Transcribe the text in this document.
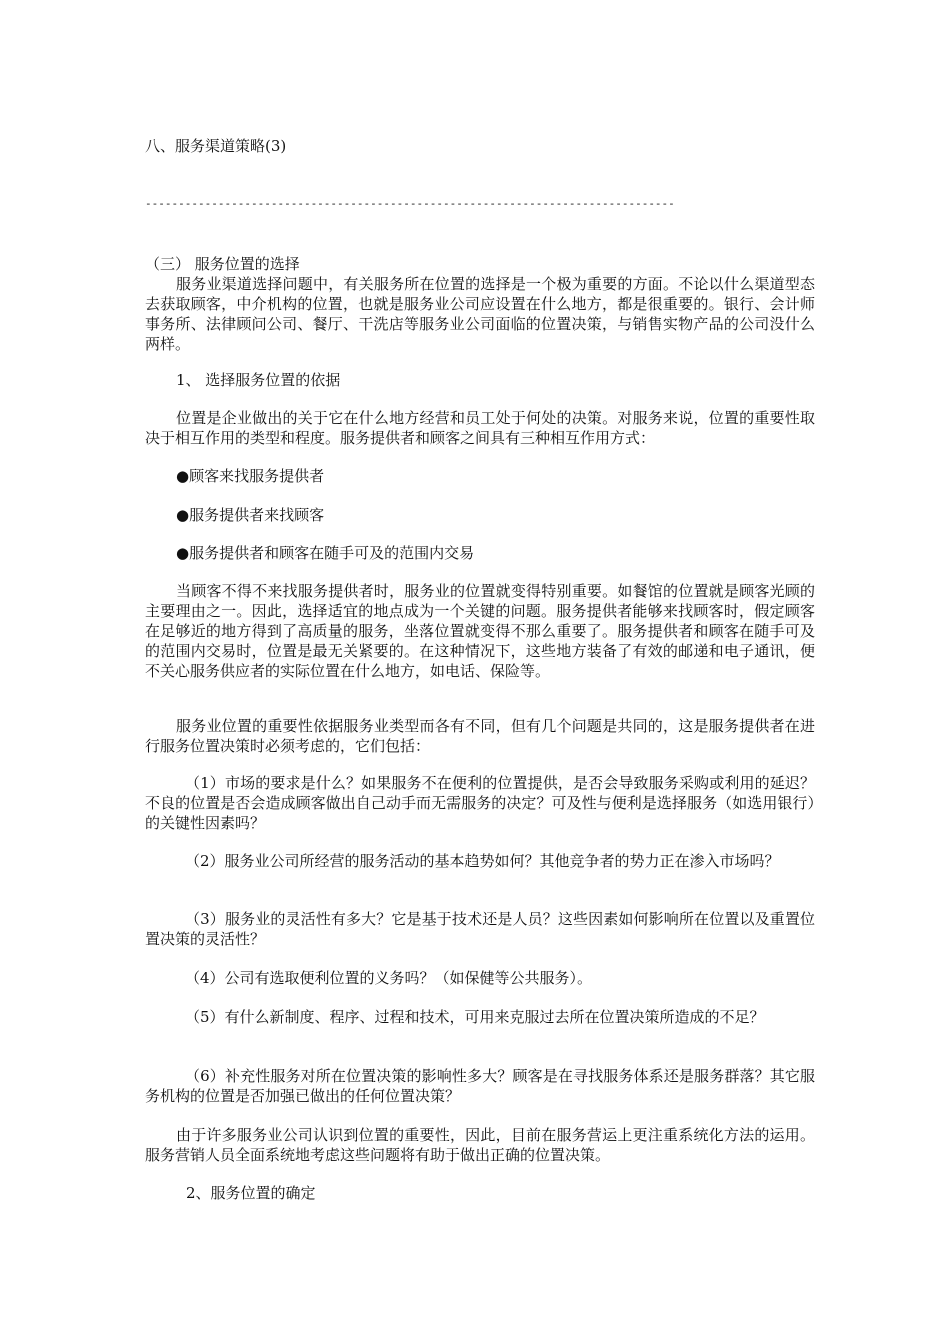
八、服务渠道策略(3)
--------------------------------------------------------------------------------
（三） 服务位置的选择

服务业渠道选择问题中，有关服务所在位置的选择是一个极为重要的方面。不论以什么渠道型态去获取顾客，中介机构的位置，也就是服务业公司应设置在什么地方，都是很重要的。银行、会计师事务所、法律顾问公司、餐厅、干洗店等服务业公司面临的位置决策，与销售实物产品的公司没什么两样。

1、 选择服务位置的依据

位置是企业做出的关于它在什么地方经营和员工处于何处的决策。对服务来说，位置的重要性取决于相互作用的类型和程度。服务提供者和顾客之间具有三种相互作用方式：

●顾客来找服务提供者
●服务提供者来找顾客
●服务提供者和顾客在随手可及的范围内交易

当顾客不得不来找服务提供者时，服务业的位置就变得特别重要。如餐馆的位置就是顾客光顾的主要理由之一。因此，选择适宜的地点成为一个关键的问题。服务提供者能够来找顾客时，假定顾客在足够近的地方得到了高质量的服务，坐落位置就变得不那么重要了。服务提供者和顾客在随手可及的范围内交易时，位置是最无关紧要的。在这种情况下，这些地方装备了有效的邮递和电子通讯，便不关心服务供应者的实际位置在什么地方，如电话、保险等。

服务业位置的重要性依据服务业类型而各有不同，但有几个问题是共同的，这是服务提供者在进行服务位置决策时必须考虑的，它们包括：

（1）市场的要求是什么？如果服务不在便利的位置提供，是否会导致服务采购或利用的延迟？不良的位置是否会造成顾客做出自己动手而无需服务的决定？可及性与便利是选择服务（如选用银行）的关键性因素吗？

（2）服务业公司所经营的服务活动的基本趋势如何？其他竞争者的势力正在渗入市场吗？

（3）服务业的灵活性有多大？它是基于技术还是人员？这些因素如何影响所在位置以及重置位置决策的灵活性？

（4）公司有选取便利位置的义务吗？（如保健等公共服务）。

（5）有什么新制度、程序、过程和技术，可用来克服过去所在位置决策所造成的不足？

（6）补充性服务对所在位置决策的影响性多大？顾客是在寻找服务体系还是服务群落？其它服务机构的位置是否加强已做出的任何位置决策？

由于许多服务业公司认识到位置的重要性，因此，目前在服务营运上更注重系统化方法的运用。服务营销人员全面系统地考虑这些问题将有助于做出正确的位置决策。

2、服务位置的确定
